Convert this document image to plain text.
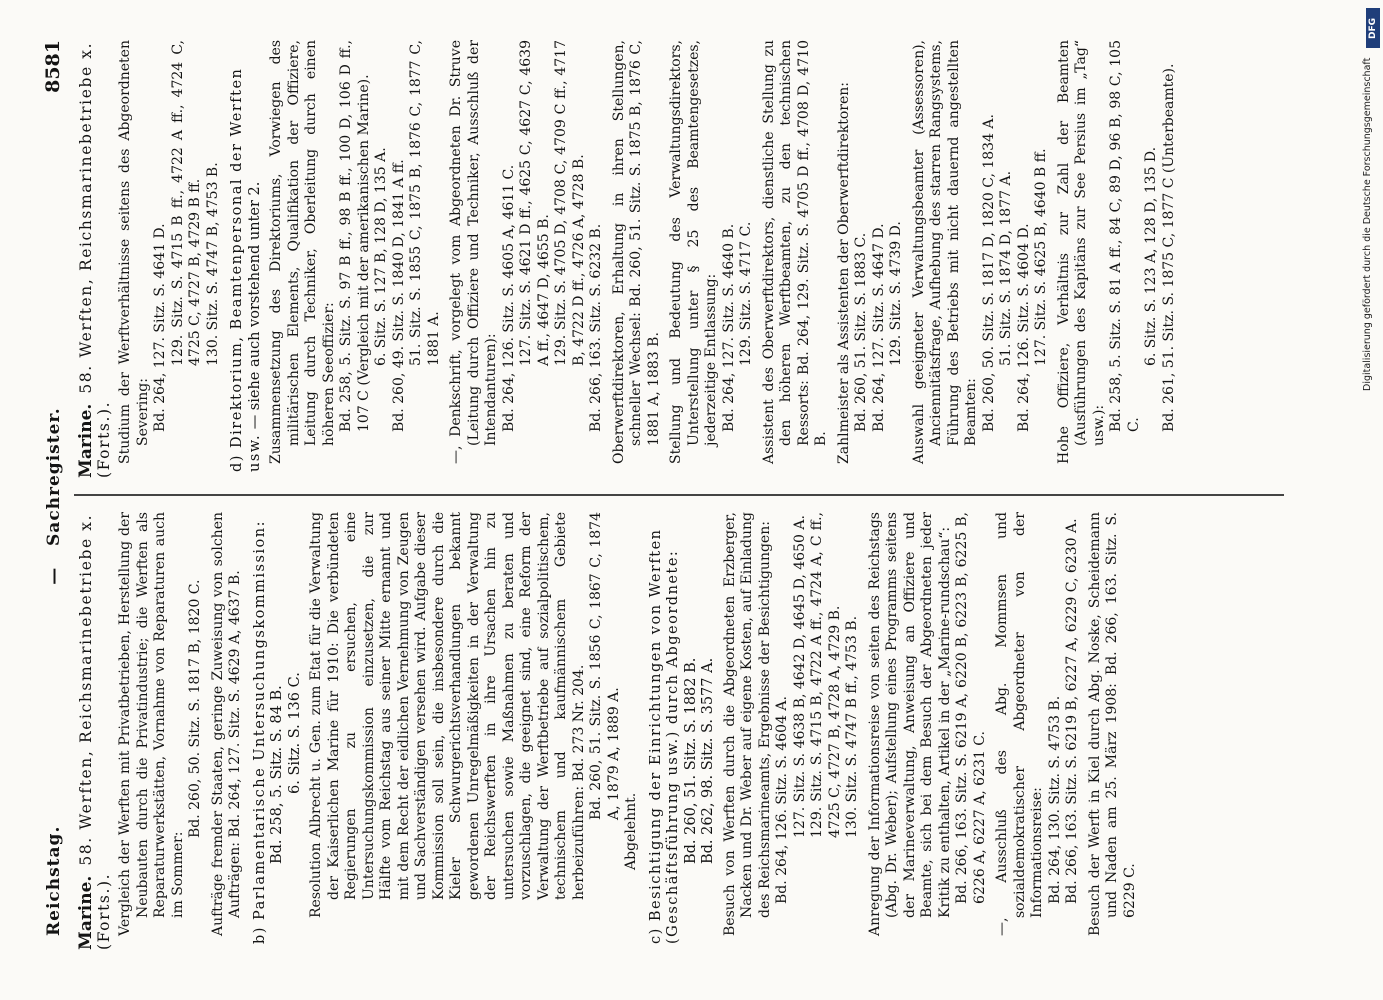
Reichstag.
—   Sachregister.
8581

Marine.58. Werften, Reichsmarinebetriebe x. (Forts.). Vergleich der Werften mit Privatbetrieben, Herstellung der Neubauten durch die Privatindustrie; die Werften als Reparaturwerkstätten, Vornahme von Reparaturen auch im Sommer:
Bd. 260, 50. Sitz. S. 1817 B, 1820 C. Aufträge fremder Staaten, geringe Zuweisung von solchen Aufträgen: Bd. 264, 127. Sitz. S. 4629 A, 4637 B. b) Parlamentarische Untersuchungskommission: Bd. 258, 5. Sitz. S. 84 B. 6. Sitz. S. 136 C. Resolution Albrecht u. Gen. zum Etat für die Verwaltung der Kaiserlichen Marine für 1910: Die verbündeten Regierungen zu ersuchen, eine Untersuchungskommission einzusetzen, die zur Hälfte vom Reichstag aus seiner Mitte ernannt und mit dem Recht der eidlichen Vernehmung von Zeugen und Sachverständigen versehen wird. Aufgabe dieser Kommission soll sein, die insbesondere durch die Kieler Schwurgerichtsverhandlungen bekannt gewordenen Unregelmäßigkeiten in der Verwaltung der Reichswerften in ihre Ursachen hin zu untersuchen sowie Maßnahmen zu beraten und vorzuschlagen, die geeignet sind, eine Reform der Verwaltung der Werftbetriebe auf sozialpolitischem, technischem und kaufmännischem Gebiete herbeizuführen: Bd. 273 Nr. 204. Bd. 260, 51. Sitz. S. 1856 C, 1867 C, 1874 A, 1879 A, 1889 A.
Abgelehnt. c) Besichtigung der Einrichtungen von Werften (Geschäftsführung usw.) durch Abgeordnete: Bd. 260, 51. Sitz. S. 1882 B. Bd. 262, 98. Sitz. S. 3577 A. Besuch von Werften durch die Abgeordneten Erzberger, Nacken und Dr. Weber auf eigene Kosten, auf Einladung des Reichsmarineamts, Ergebnisse der Besichtigungen: Bd. 264, 126. Sitz. S. 4604 A. 127. Sitz. S. 4638 B, 4642 D, 4645 D, 4650 A. 129. Sitz. S. 4715 B, 4722 A ff., 4724 A, C ff., 4725 C, 4727 B, 4728 A, 4729 B. 130. Sitz. S. 4747 B ff., 4753 B. Anregung der Informationsreise von seiten des Reichstags (Abg. Dr. Weber); Aufstellung eines Programms seitens der Marineverwaltung, Anweisung an Offiziere und Beamte, sich bei dem Besuch der Abgeordneten jeder Kritik zu enthalten, Artikel in der „Marine-rundschau“: Bd. 266, 163. Sitz. S. 6219 A, 6220 B, 6223 B, 6225 B, 6226 A, 6227 A, 6231 C. —, Ausschluß des Abg. Mommsen und sozialdemokratischer Abgeordneter von der Informationsreise: Bd. 264, 130. Sitz. S. 4753 B. Bd. 266, 163. Sitz. S. 6219 B, 6227 A, 6229 C, 6230 A. Besuch der Werft in Kiel durch Abg. Noske, Scheidemann und Naden am 25. März 1908: Bd. 266, 163. Sitz. S. 6229 C.

Marine.58. Werften, Reichsmarinebetriebe x. (Forts.). Studium der Werftverhältnisse seitens des Abgeordneten Severing: Bd. 264, 127. Sitz. S. 4641 D. 129. Sitz. S. 4715 B ff., 4722 A ff., 4724 C, 4725 C, 4727 B, 4729 B ff. 130. Sitz. S. 4747 B, 4753 B. d) Direktorium, Beamtenpersonal der Werften usw. — siehe auch vorstehend unter 2. Zusammensetzung des Direktoriums, Vorwiegen des militärischen Elements, Qualifikation der Offiziere, Leitung durch Techniker, Oberleitung durch einen höheren Seeoffizier: Bd. 258, 5. Sitz. S. 97 B ff., 98 B ff., 100 D, 106 D ff., 107 C (Vergleich mit der amerikanischen Marine). 6. Sitz. S. 127 B, 128 D, 135 A. Bd. 260, 49. Sitz. S. 1840 D, 1841 A ff. 51. Sitz. S. 1855 C, 1875 B, 1876 C, 1877 C, 1881 A. —, Denkschrift, vorgelegt vom Abgeordneten Dr. Struve (Leitung durch Offiziere und Techniker, Ausschluß der Intendanturen): Bd. 264, 126. Sitz. S. 4605 A, 4611 C. 127. Sitz. S. 4621 D ff., 4625 C, 4627 C, 4639 A ff., 4647 D, 4655 B. 129. Sitz. S. 4705 D, 4708 C, 4709 C ff., 4717 B, 4722 D ff., 4726 A, 4728 B. Bd. 266, 163. Sitz. S. 6232 B. Oberwerftdirektoren, Erhaltung in ihren Stellungen, schneller Wechsel: Bd. 260, 51. Sitz. S. 1875 B, 1876 C, 1881 A, 1883 B. Stellung und Bedeutung des Verwaltungsdirektors, Unterstellung unter § 25 des Beamtengesetzes, jederzeitige Entlassung: Bd. 264, 127. Sitz. S. 4640 B. 129. Sitz. S. 4717 C. Assistent des Oberwerftdirektors, dienstliche Stellung zu den höheren Werftbeamten, zu den technischen Ressorts: Bd. 264, 129. Sitz. S. 4705 D ff., 4708 D, 4710 B. Zahlmeister als Assistenten der Oberwerftdirektoren: Bd. 260, 51. Sitz. S. 1883 C. Bd. 264, 127. Sitz. S. 4647 D. 129. Sitz. S. 4739 D. Auswahl geeigneter Verwaltungsbeamter (Assessoren), Anciennitätsfrage, Aufhebung des starren Rangsystems, Führung des Betriebs mit nicht dauernd angestellten Beamten: Bd. 260, 50. Sitz. S. 1817 D, 1820 C, 1834 A. 51. Sitz. S. 1874 D, 1877 A. Bd. 264, 126. Sitz. S. 4604 D. 127. Sitz. S. 4625 B, 4640 B ff. Hohe Offiziere, Verhältnis zur Zahl der Beamten (Ausführungen des Kapitäns zur See Persius im „Tag“ usw.): Bd. 258, 5. Sitz. S. 81 A ff., 84 C, 89 D, 96 B, 98 C, 105 C.
6. Sitz. S. 123 A, 128 D, 135 D. Bd. 261, 51. Sitz. S. 1875 C, 1877 C (Unterbeamte).

DFG
Digitalisierung gefördert durch die Deutsche Forschungsgemeinschaft
